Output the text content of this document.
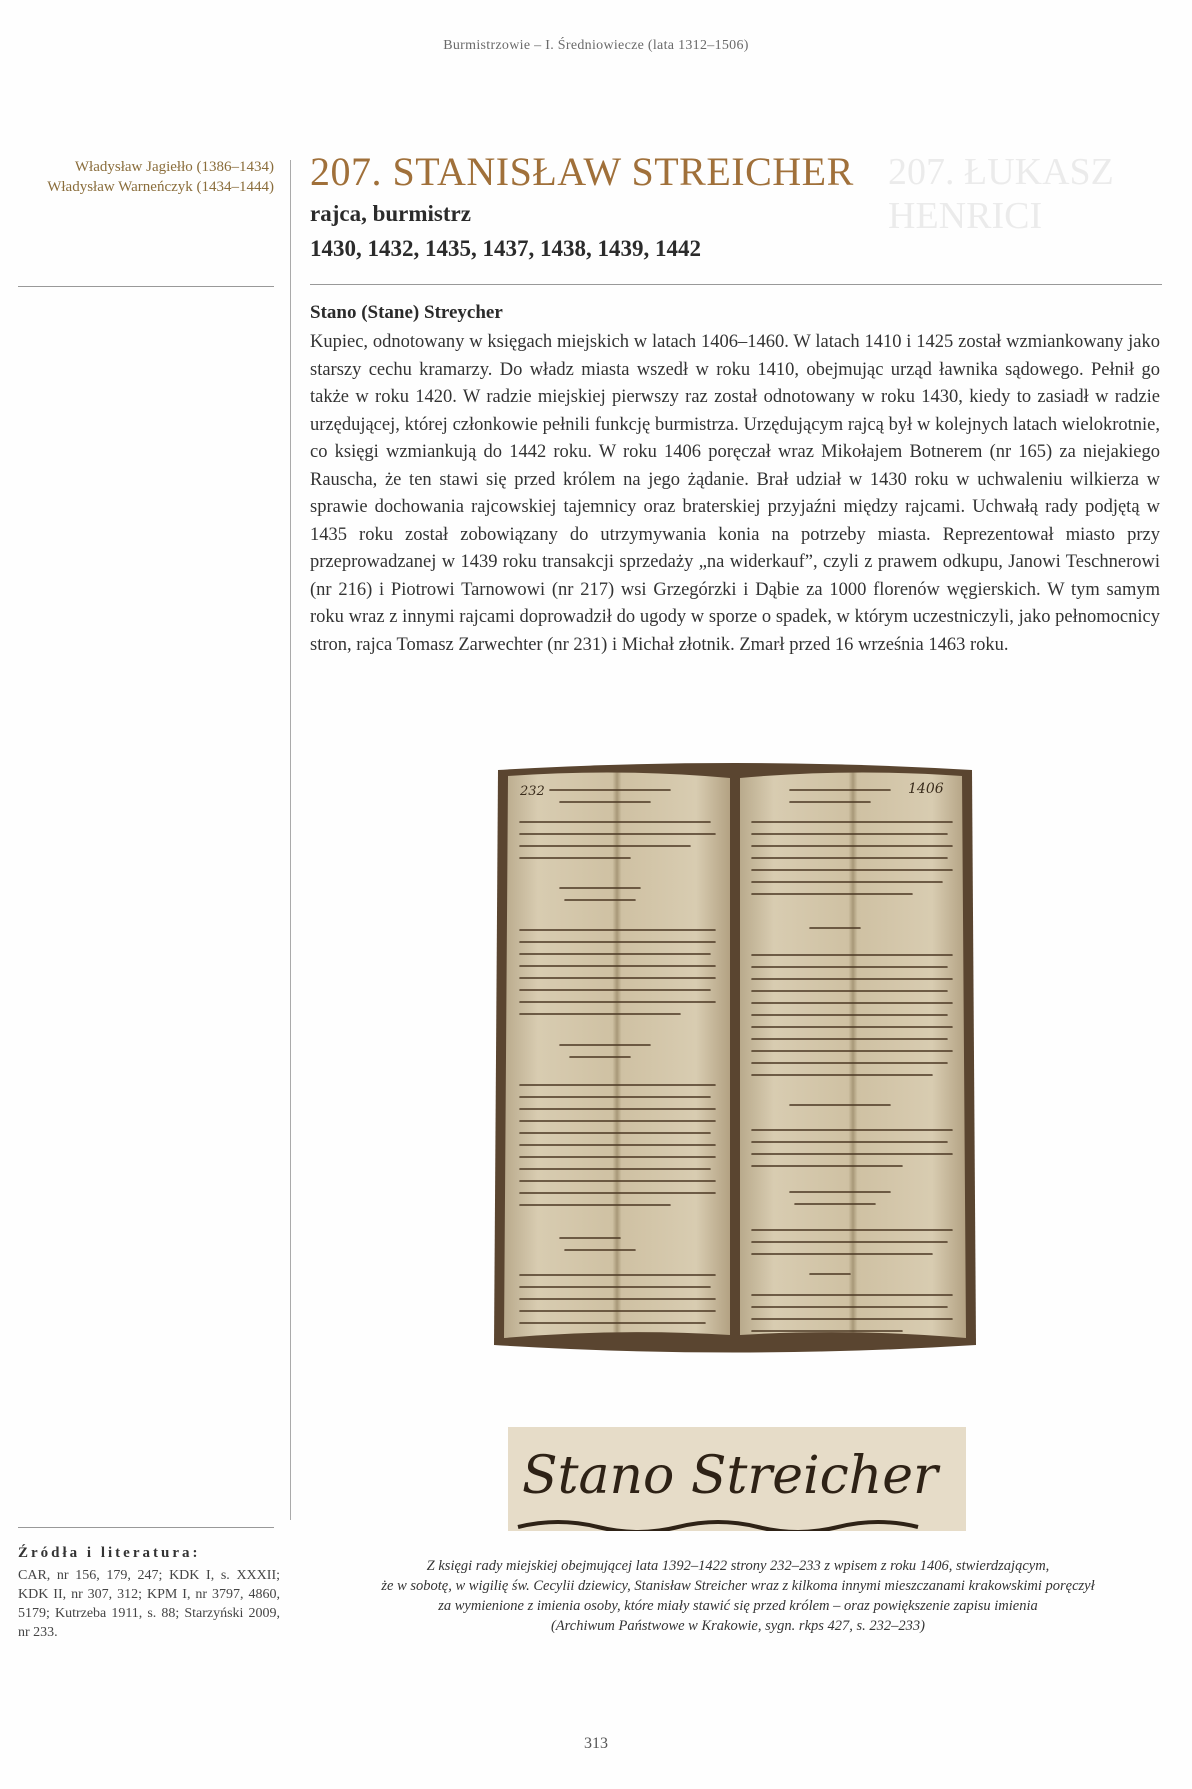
Burmistrzowie – I. Średniowiecze (lata 1312–1506)
Władysław Jagiełło (1386–1434)
Władysław Warneńczyk (1434–1444)	207. ŁUKASZ
HENRICI
207. STANISŁAW STREICHER
rajca, burmistrz
1430, 1432, 1435, 1437, 1438, 1439, 1442
Stano (Stane) Streycher

Kupiec, odnotowany w księgach miejskich w latach 1406–1460. W latach 1410 i 1425 został wzmiankowany jako starszy cechu kramarzy. Do władz miasta wszedł w roku 1410, obejmując urząd ławnika sądowego. Pełnił go także w roku 1420. W radzie miejskiej pierwszy raz został odnotowany w roku 1430, kiedy to zasiadł w radzie urzędującej, której członkowie pełnili funkcję burmistrza. Urzędującym rajcą był w kolejnych latach wielokrotnie, co księgi wzmiankują do 1442 roku. W roku 1406 poręczał wraz Mikołajem Botnerem (nr 165) za niejakiego Rauscha, że ten stawi się przed królem na jego żądanie. Brał udział w 1430 roku w uchwaleniu wilkierza w sprawie dochowania rajcowskiej tajemnicy oraz braterskiej przyjaźni między rajcami. Uchwałą rady podjętą w 1435 roku został zobowiązany do utrzymywania konia na potrzeby miasta. Reprezentował miasto przy przeprowadzanej w 1439 roku transakcji sprzedaży „na widerkauf”, czyli z prawem odkupu, Janowi Teschnerowi (nr 216) i Piotrowi Tarnowowi (nr 217) wsi Grzegórzki i Dąbie za 1000 florenów węgierskich. W tym samym roku wraz z innymi rajcami doprowadził do ugody w sporze o spadek, w którym uczestniczyli, jako pełnomocnicy stron, rajca Tomasz Zarwechter (nr 231) i Michał złotnik. Zmarł przed 16 września 1463 roku.

232	1406
Stano Streicher
Źródła i literatura:

CAR, nr 156, 179, 247; KDK I, s. XXXII; KDK II, nr 307, 312; KPM I, nr 3797, 4860, 5179; Kutrzeba 1911, s. 88; Starzyński 2009, nr 233.

Z księgi rady miejskiej obejmującej lata 1392–1422 strony 232–233 z wpisem z roku 1406, stwierdzającym,
że w sobotę, w wigilię św. Cecylii dziewicy, Stanisław Streicher wraz z kilkoma innymi mieszczanami krakowskimi poręczył
za wymienione z imienia osoby, które miały stawić się przed królem – oraz powiększenie zapisu imienia
(Archiwum Państwowe w Krakowie, sygn. rkps 427, s. 232–233)
313
